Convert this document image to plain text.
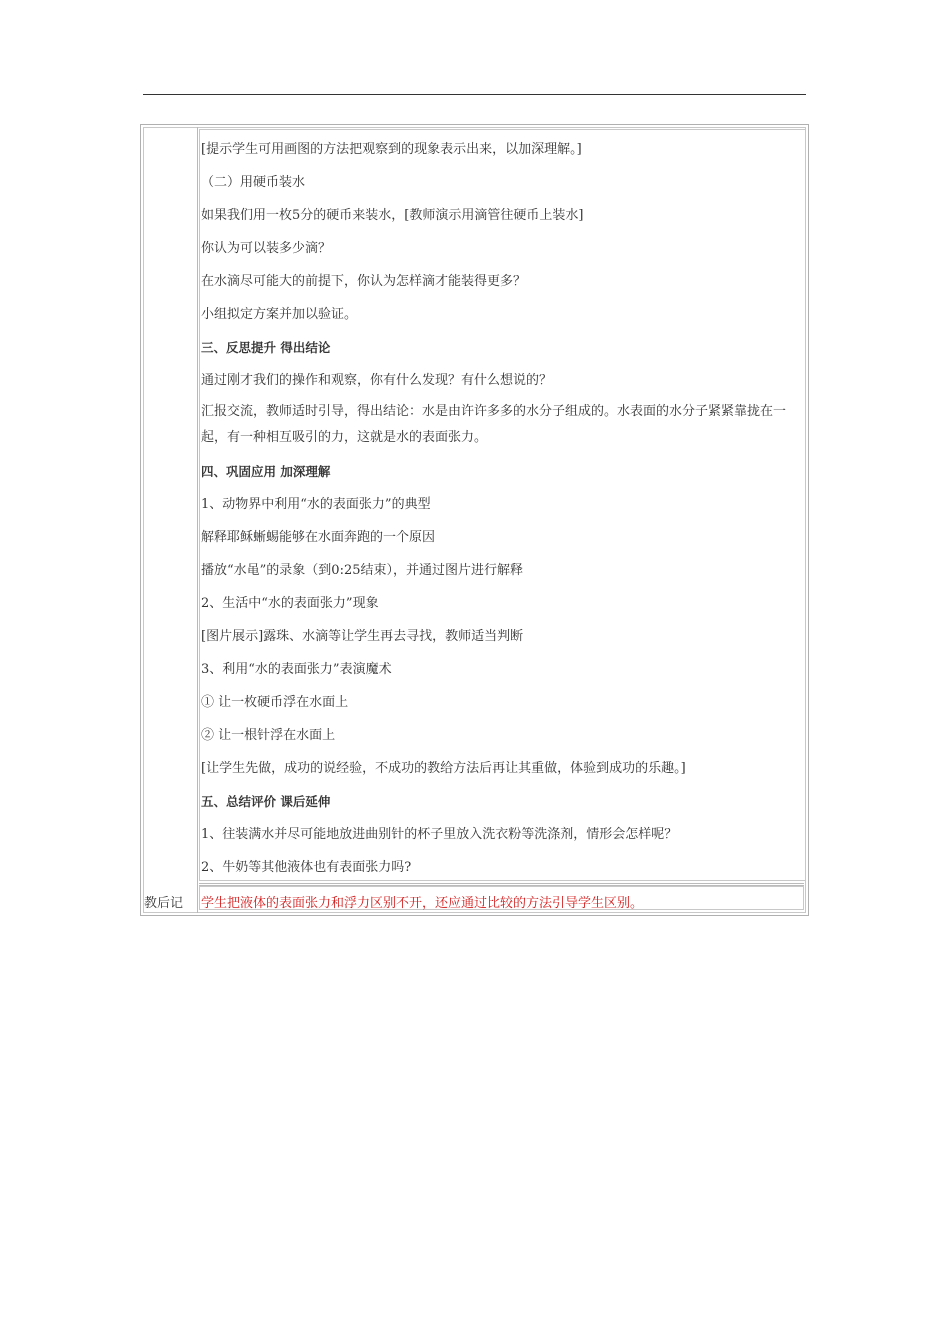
[提示学生可用画图的方法把观察到的现象表示出来，以加深理解。]
（二）用硬币装水
如果我们用一枚5分的硬币来装水，[教师演示用滴管往硬币上装水]
你认为可以装多少滴？
在水滴尽可能大的前提下，你认为怎样滴才能装得更多？
小组拟定方案并加以验证。
三、反思提升 得出结论
通过刚才我们的操作和观察，你有什么发现？有什么想说的？
汇报交流，教师适时引导，得出结论：水是由许许多多的水分子组成的。水表面的水分子紧紧靠拢在一起，有一种相互吸引的力，这就是水的表面张力。
四、巩固应用 加深理解
1、动物界中利用“水的表面张力”的典型
解释耶稣蜥蜴能够在水面奔跑的一个原因
播放“水黾”的录象（到0:25结束），并通过图片进行解释
2、生活中“水的表面张力”现象
[图片展示]露珠、水滴等让学生再去寻找，教师适当判断
3、利用“水的表面张力”表演魔术
① 让一枚硬币浮在水面上
② 让一根针浮在水面上
[让学生先做，成功的说经验，不成功的教给方法后再让其重做，体验到成功的乐趣。]
五、总结评价 课后延伸
1、往装满水并尽可能地放进曲别针的杯子里放入洗衣粉等洗涤剂，情形会怎样呢？
2、牛奶等其他液体也有表面张力吗?
教后记 学生把液体的表面张力和浮力区别不开，还应通过比较的方法引导学生区别。
